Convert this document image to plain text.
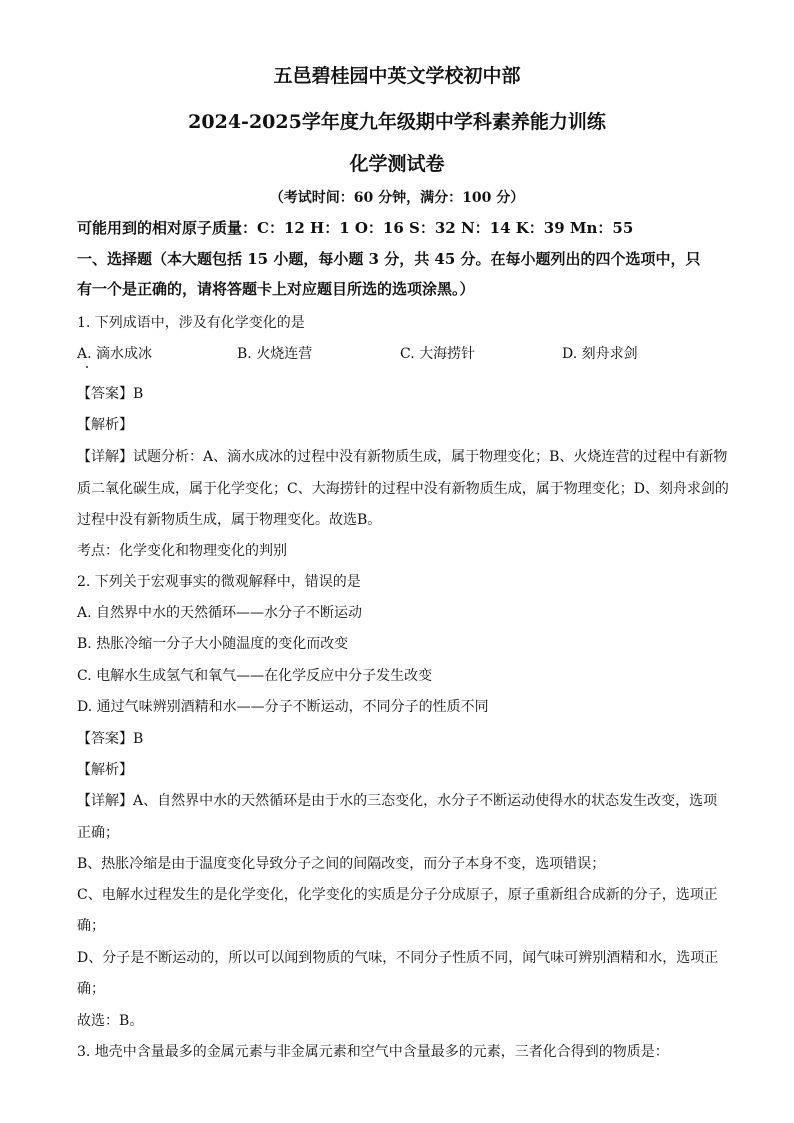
五邑碧桂园中英文学校初中部
2024-2025学年度九年级期中学科素养能力训练
化学测试卷
（考试时间：60 分钟，满分：100 分）
可能用到的相对原子质量：C：12 H：1 O：16 S：32 N：14 K：39 Mn：55
一、选择题（本大题包括 15 小题，每小题 3 分，共 45 分。在每小题列出的四个选项中，只
有一个是正确的，请将答题卡上对应题目所选的选项涂黑。）
1. 下列成语中，涉及有化学变化的是
A. 滴水成冰	B. 火烧连营	C. 大海捞针	D. 刻舟求剑
【答案】B
【解析】
【详解】试题分析：A、滴水成冰的过程中没有新物质生成，属于物理变化；B、火烧连营的过程中有新物
质二氧化碳生成，属于化学变化；C、大海捞针的过程中没有新物质生成，属于物理变化；D、刻舟求剑的
过程中没有新物质生成，属于物理变化。故选B。
考点：化学变化和物理变化的判别
2. 下列关于宏观事实的微观解释中，错误的是
A. 自然界中水的天然循环——水分子不断运动
B. 热胀冷缩一分子大小随温度的变化而改变
C. 电解水生成氢气和氧气——在化学反应中分子发生改变
D. 通过气味辨别酒精和水——分子不断运动，不同分子的性质不同
【答案】B
【解析】
【详解】A、自然界中水的天然循环是由于水的三态变化，水分子不断运动使得水的状态发生改变，选项
正确；
B、热胀冷缩是由于温度变化导致分子之间的间隔改变，而分子本身不变，选项错误；
C、电解水过程发生的是化学变化，化学变化的实质是分子分成原子，原子重新组合成新的分子，选项正
确；
D、分子是不断运动的，所以可以闻到物质的气味，不同分子性质不同，闻气味可辨别酒精和水，选项正
确；
故选：B。
3. 地壳中含量最多的金属元素与非金属元素和空气中含量最多的元素，三者化合得到的物质是：
